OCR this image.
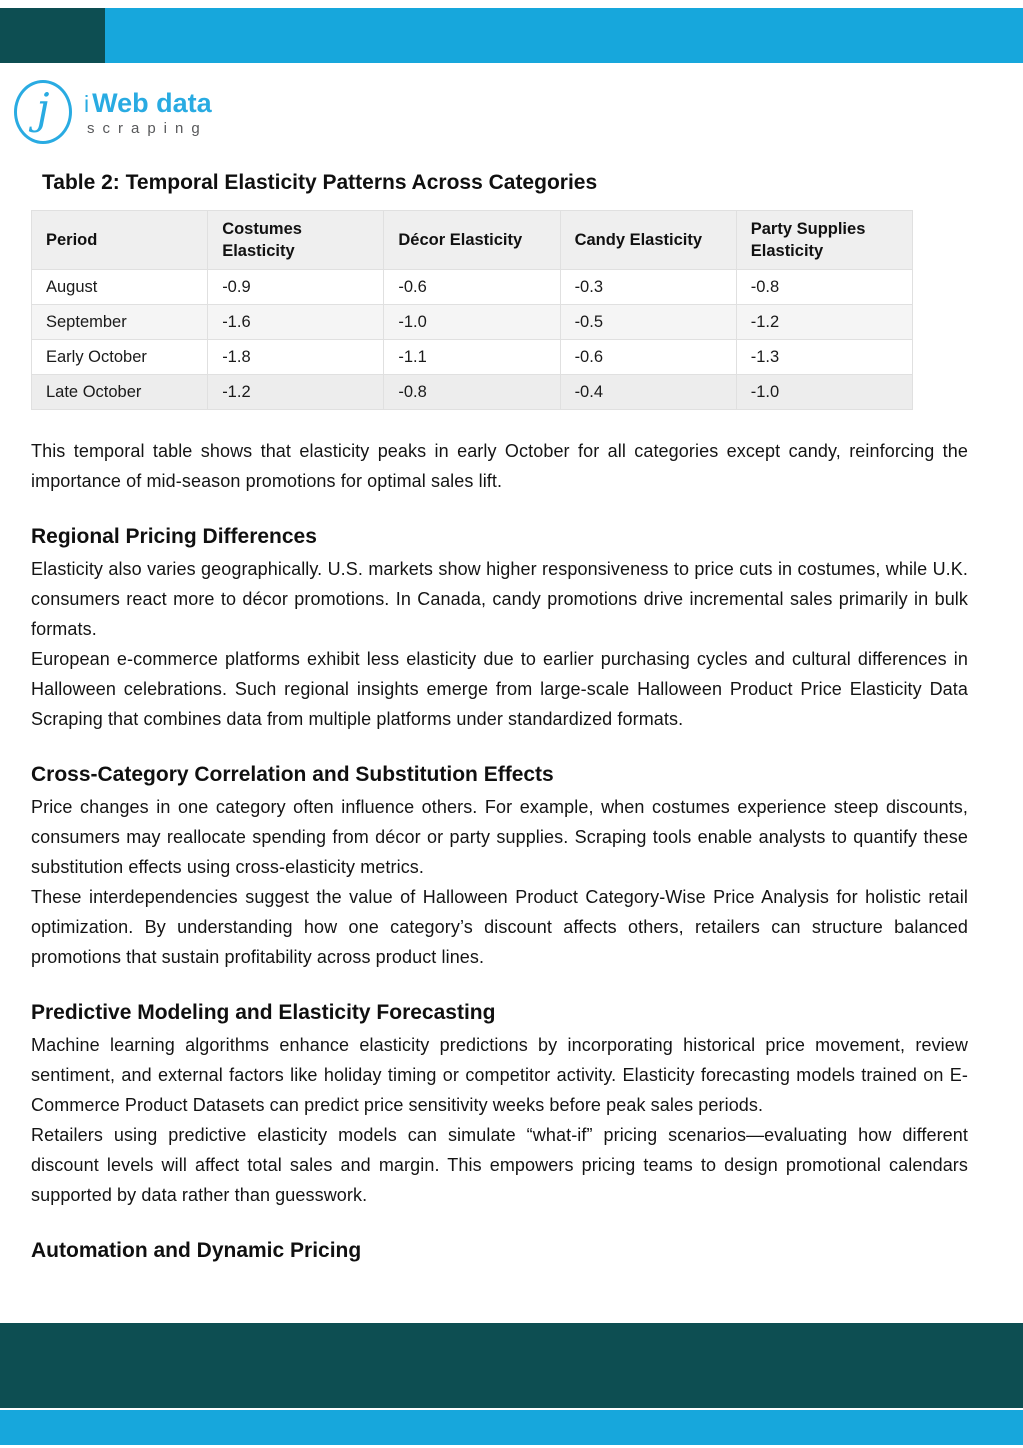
j i Web data
scraping
Table 2: Temporal Elasticity Patterns Across Categories
Period	Costumes Elasticity	Décor Elasticity	Candy Elasticity	Party Supplies Elasticity
August	-0.9	-0.6	-0.3	-0.8
September	-1.6	-1.0	-0.5	-1.2
Early October	-1.8	-1.1	-0.6	-1.3
Late October	-1.2	-0.8	-0.4	-1.0

This temporal table shows that elasticity peaks in early October for all categories except candy, reinforcing the importance of mid-season promotions for optimal sales lift.

Regional Pricing Differences

Elasticity also varies geographically. U.S. markets show higher responsiveness to price cuts in costumes, while U.K. consumers react more to décor promotions. In Canada, candy promotions drive incremental sales primarily in bulk formats.

European e-commerce platforms exhibit less elasticity due to earlier purchasing cycles and cultural differences in Halloween celebrations. Such regional insights emerge from large-scale Halloween Product Price Elasticity Data Scraping that combines data from multiple platforms under standardized formats.

Cross-Category Correlation and Substitution Effects

Price changes in one category often influence others. For example, when costumes experience steep discounts, consumers may reallocate spending from décor or party supplies. Scraping tools enable analysts to quantify these substitution effects using cross-elasticity metrics.

These interdependencies suggest the value of Halloween Product Category-Wise Price Analysis for holistic retail optimization. By understanding how one category’s discount affects others, retailers can structure balanced promotions that sustain profitability across product lines.

Predictive Modeling and Elasticity Forecasting

Machine learning algorithms enhance elasticity predictions by incorporating historical price movement, review sentiment, and external factors like holiday timing or competitor activity. Elasticity forecasting models trained on E-Commerce Product Datasets can predict price sensitivity weeks before peak sales periods.

Retailers using predictive elasticity models can simulate “what-if” pricing scenarios—evaluating how different discount levels will affect total sales and margin. This empowers pricing teams to design promotional calendars supported by data rather than guesswork.

Automation and Dynamic Pricing
